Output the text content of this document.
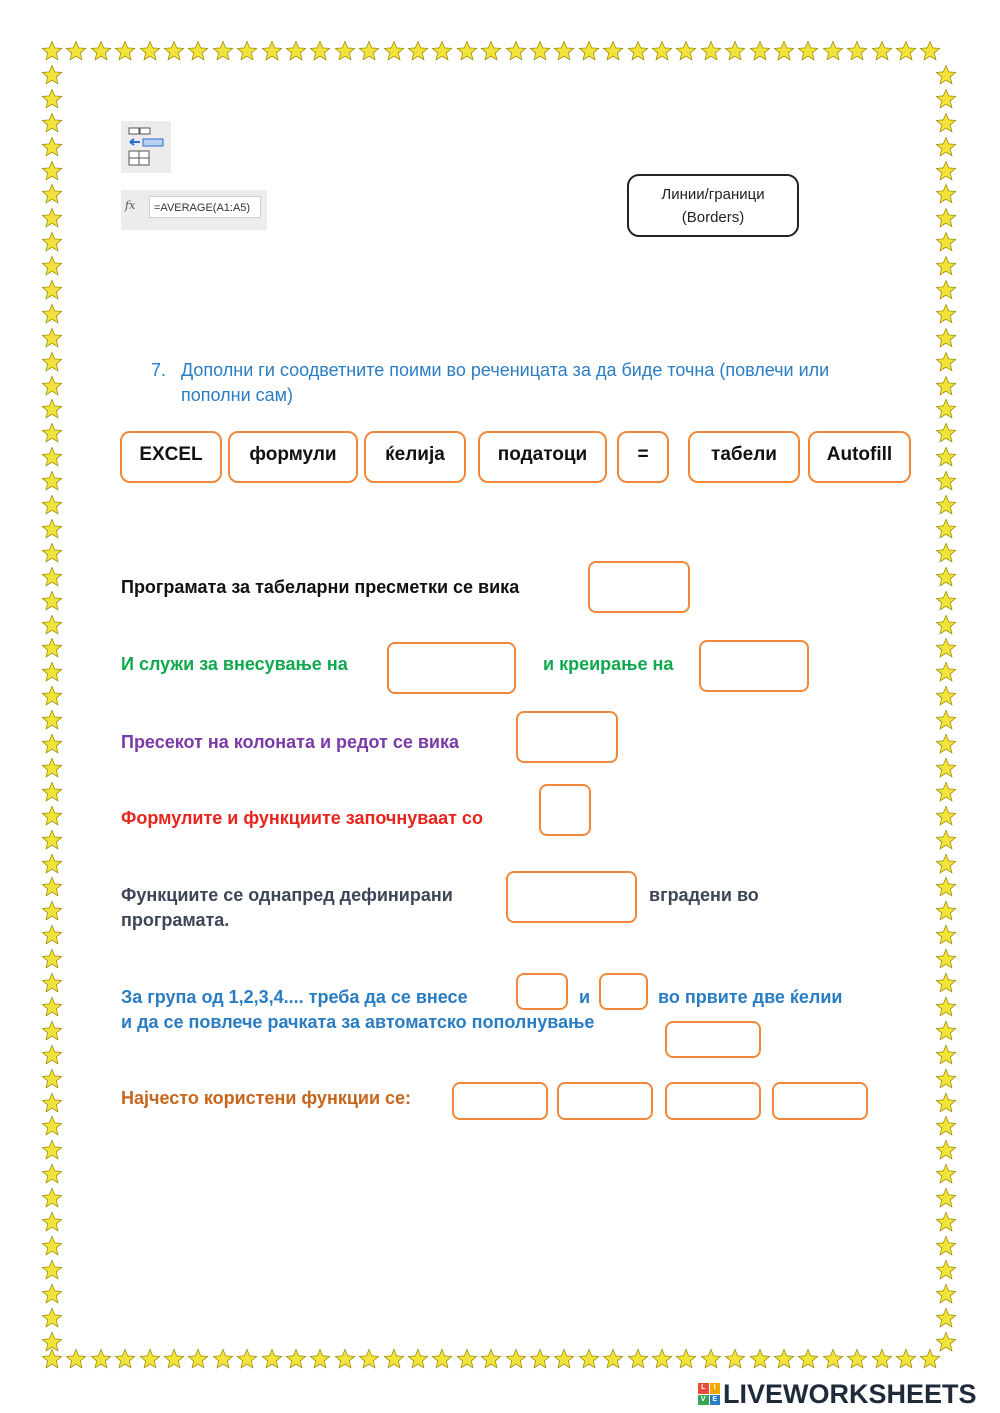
fx	=AVERAGE(A1:A5)
Линии/граници
(Borders)
7. Дополни ги соодветните поими во реченицата за да биде точна (повлечи или пополни сам)
EXCEL	формули	ќелија	податоци	=	табели	Autofill
Програмата за табеларни пресметки се вика
И служи за внесување на	и креирање на
Пресекот на колоната и редот се вика
Формулите и функциите започнуваат со
Функциите се однапред дефинирани	вградени во
програмата.
За група од 1,2,3,4.... треба да се внесе	и	во првите две ќелии
и да се повлече рачката за автоматско пополнување
Најчесто користени функции се:
L	I
V E LIVEWORKSHEETS
